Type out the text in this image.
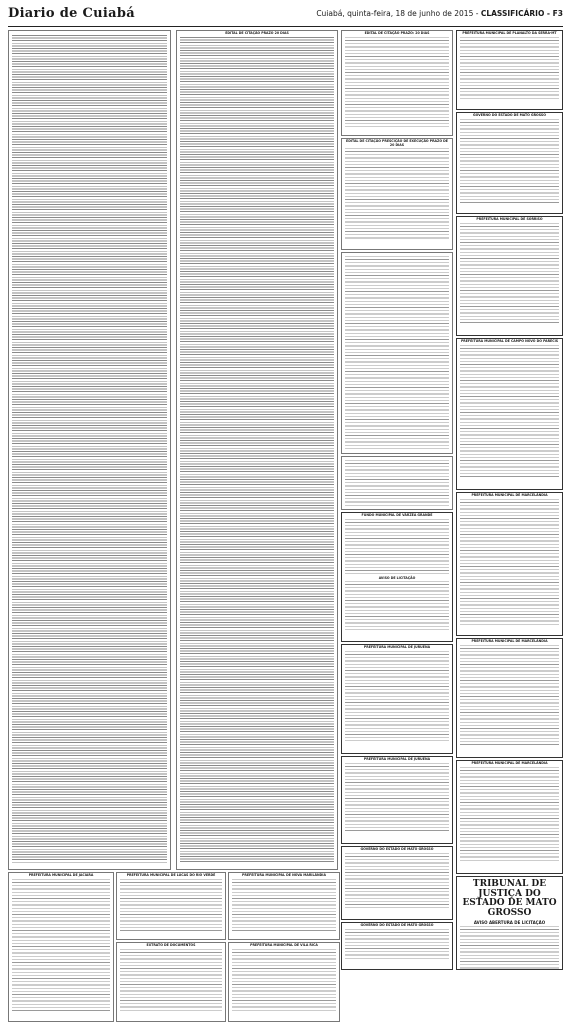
Diario de Cuiabá	Cuiabá, quinta-feira, 18 de junho de 2015 - CLASSIFICÁRIO - F3
EDITAL DE CITAÇÃO PRAZO 20 DIAS	EDITAL DE CITAÇÃO PRAZO: 20 DIAS
EDITAL DE CITAÇÃO PRESCIÇÃO DE EXECUÇÃO PRAZO DE 20 DIAS
FUNDO MUNICIPAL DE VÁRZEA GRANDE
AVISO DE LICITAÇÃO
PREFEITURA MUNICIPAL DE JURUENA
PREFEITURA MUNICIPAL DE JURUENA
GOVERNO DO ESTADO DE MATO GROSSO
GOVERNO DO ESTADO DE MATO GROSSO
PREFEITURA MUNICIPAL DE PLANALTO DA SERRA-MT
GOVERNO DO ESTADO DE MATO GROSSO
PREFEITURA MUNICIPAL DE SORRISO
PREFEITURA MUNICIPAL DE CAMPO NOVO DO PARECIS
PREFEITURA MUNICIPAL DE MARCELÂNDIA
PREFEITURA MUNICIPAL DE MARCELÂNDIA
PREFEITURA MUNICIPAL DE MARCELÂNDIA
TRIBUNAL DE JUSTIÇA DO ESTADO DE MATO GROSSO
AVISO ABERTURA DE LICITAÇÃO
PREFEITURA MUNICIPAL DE JACIARA	PREFEITURA MUNICIPAL DE LUCAS DO RIO VERDE
EXTRATO DE DOCUMENTOS
PREFEITURA MUNICIPAL DE NOVA MARILÂNDIA
PREFEITURA MUNICIPAL DE VILA RICA
